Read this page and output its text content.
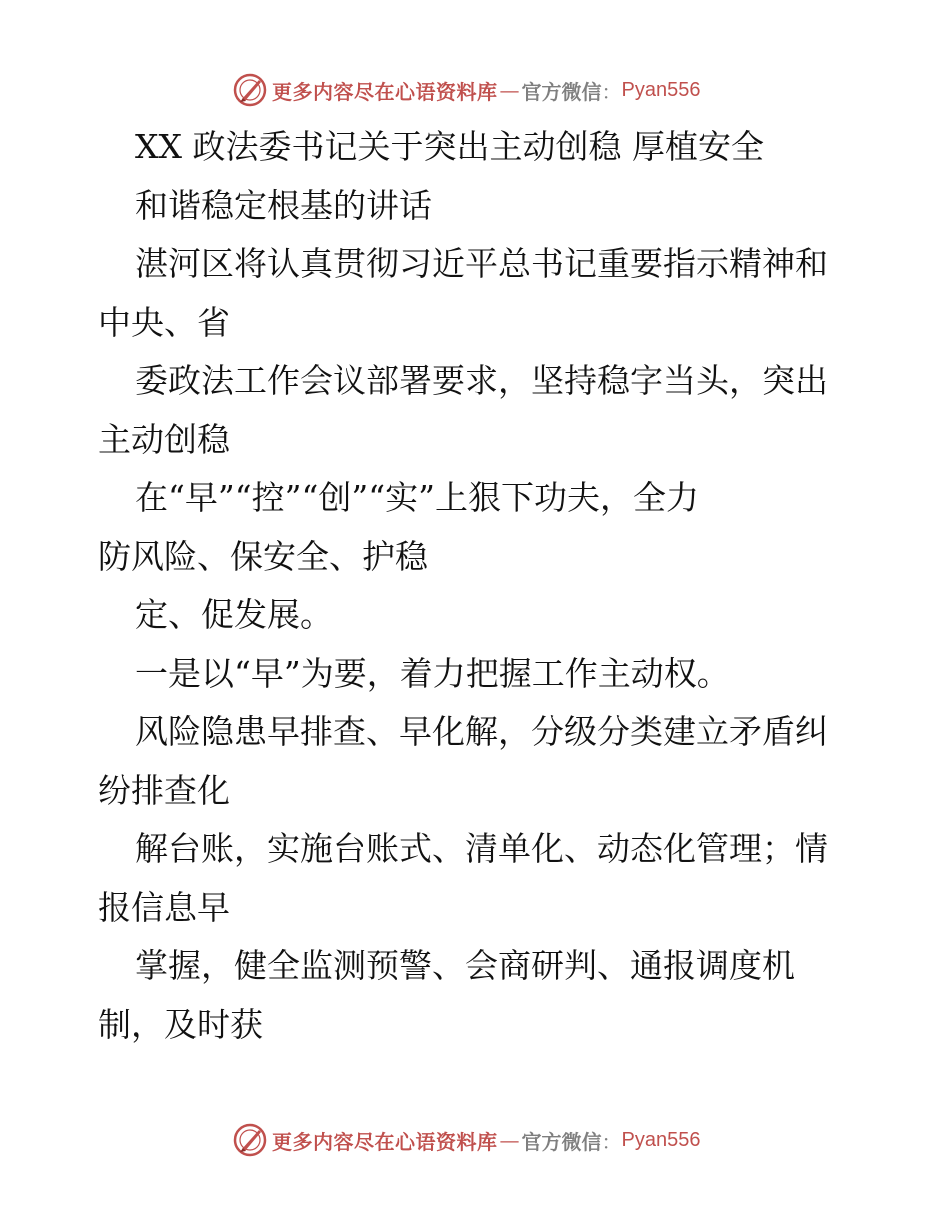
更多内容尽在心语资料库 — 官方微信 ： Pyan556
XX 政法委书记关于突出主动创稳 厚植安全
和谐稳定根基的讲话
湛河区将认真贯彻习近平总书记重要指示精神和
中央、省
委政法工作会议部署要求，坚持稳字当头，突出
主动创稳
在“早”“控”“创”“实”上狠下功夫，全力
防风险、保安全、护稳
定、促发展。
一是以“早”为要，着力把握工作主动权。
风险隐患早排查、早化解，分级分类建立矛盾纠
纷排查化
解台账，实施台账式、清单化、动态化管理；情
报信息早
掌握，健全监测预警、会商研判、通报调度机
制，及时获
更多内容尽在心语资料库 — 官方微信 ： Pyan556
